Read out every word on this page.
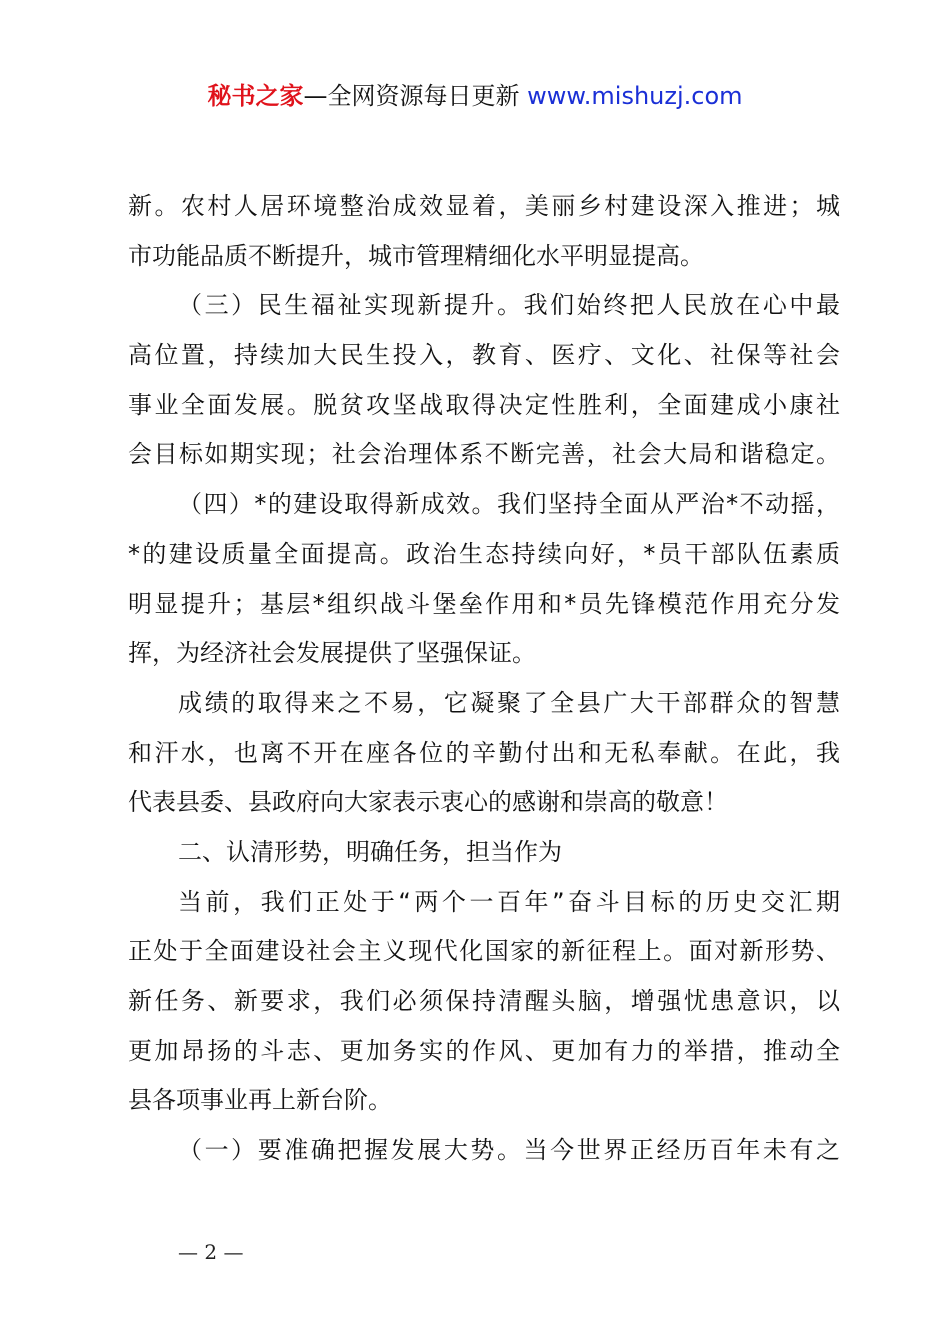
秘书之家—全网资源每日更新 www.mishuzj.com
新。农村人居环境整治成效显着，美丽乡村建设深入推进；城
市功能品质不断提升，城市管理精细化水平明显提高。
（三）民生福祉实现新提升。我们始终把人民放在心中最
高位置，持续加大民生投入，教育、医疗、文化、社保等社会
事业全面发展。脱贫攻坚战取得决定性胜利，全面建成小康社
会目标如期实现；社会治理体系不断完善，社会大局和谐稳定。
（四）*的建设取得新成效。我们坚持全面从严治*不动摇，
*的建设质量全面提高。政治生态持续向好，*员干部队伍素质
明显提升；基层*组织战斗堡垒作用和*员先锋模范作用充分发
挥，为经济社会发展提供了坚强保证。
成绩的取得来之不易，它凝聚了全县广大干部群众的智慧
和汗水，也离不开在座各位的辛勤付出和无私奉献。在此，我
代表县委、县政府向大家表示衷心的感谢和崇高的敬意！
二、认清形势，明确任务，担当作为
当前，我们正处于“两个一百年”奋斗目标的历史交汇期
正处于全面建设社会主义现代化国家的新征程上。面对新形势、
新任务、新要求，我们必须保持清醒头脑，增强忧患意识，以
更加昂扬的斗志、更加务实的作风、更加有力的举措，推动全
县各项事业再上新台阶。
（一）要准确把握发展大势。当今世界正经历百年未有之
— 2 —
